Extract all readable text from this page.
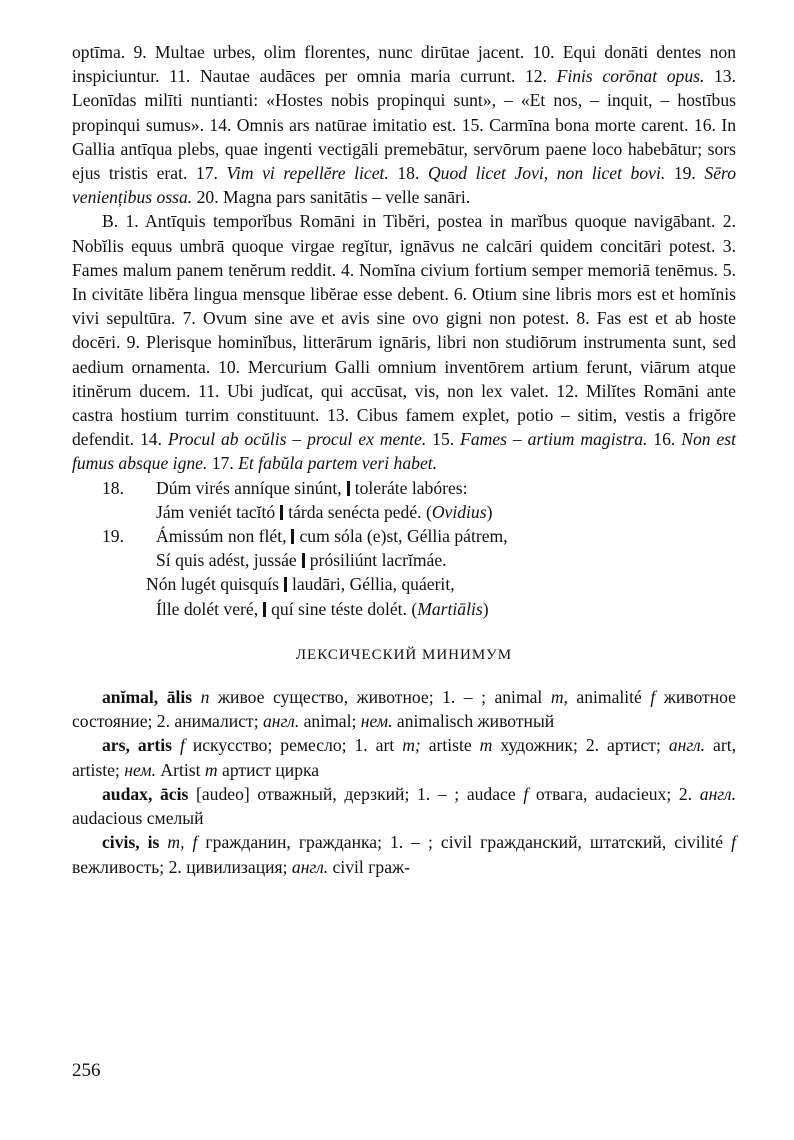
optīma. 9. Multae urbes, olim florentes, nunc dirūtae jacent. 10. Equi donāti dentes non inspiciuntur. 11. Nautae audāces per omnia maria currunt. 12. Finis corōnat opus. 13. Leonīdas milīti nuntianti: «Hostes nobis propinqui sunt», – «Et nos, – inquit, – hostībus propinqui sumus». 14. Omnis ars natūrae imitatio est. 15. Carmīna bona morte carent. 16. In Gallia antīqua plebs, quae ingenti vectigāli premebātur, servōrum paene loco habebātur; sors ejus tristis erat. 17. Vim vi repellĕre licet. 18. Quod licet Jovi, non licet bovi. 19. Sēro veniențibus ossa. 20. Magna pars sanitātis – velle sanāri.

B. 1. Antīquis temporĭbus Romāni in Tibĕri, postea in marĭbus quoque navigābant. 2. Nobĭlis equus umbrā quoque virgae regĭtur, ignāvus ne calcāri quidem concitāri potest. 3. Fames malum panem tenĕrum reddit. 4. Nomĭna civium fortium semper memoriā tenēmus. 5. In civitāte libĕra lingua mensque libĕrae esse debent. 6. Otium sine libris mors est et homĭnis vivi sepultūra. 7. Ovum sine ave et avis sine ovo gigni non potest. 8. Fas est et ab hoste docēri. 9. Plerisque hominĭbus, litterārum ignāris, libri non studiōrum instrumenta sunt, sed aedium ornamenta. 10. Mercurium Galli omnium inventōrem artium ferunt, viārum atque itinĕrum ducem. 11. Ubi judĭcat, qui accūsat, vis, non lex valet. 12. Milĭtes Romāni ante castra hostium turrim constituunt. 13. Cibus famem explet, potio – sitim, vestis a frigŏre defendit. 14. Procul ab ocŭlis – procul ex mente. 15. Fames – artium magistra. 16. Non est fumus absque igne. 17. Et fabŭla partem veri habet.

18. Dúm virés anníque sinúnt, toleráte labóres:
Jám veniét tacĭtó tárda senécta pedé. (Ovidius)
19. Ámissúm non flét, cum sóla (e)st, Géllia pátrem,
Sí quis adést, jussáe prósiliúnt lacrĭmáe.
Nón lugét quisquís laudāri, Géllia, quáerit,
Ílle dolét veré, quí sine téste dolét. (Martiālis)
ЛЕКСИЧЕСКИЙ МИНИМУМ

anĭmal, ālis n живое существо, животное; 1. – ; animal m, animalité f животное состояние; 2. анималист; англ. animal; нем. animalisch животный

ars, artis f искусство; ремесло; 1. art m; artiste m художник; 2. артист; англ. art, artiste; нем. Artist m артист цирка

audax, ācis [audeo] отважный, дерзкий; 1. – ; audace f отвага, audacieux; 2. англ. audacious смелый

civis, is m, f гражданин, гражданка; 1. – ; civil гражданский, штатский, civilité f вежливость; 2. цивилизация; англ. civil граж-

256
